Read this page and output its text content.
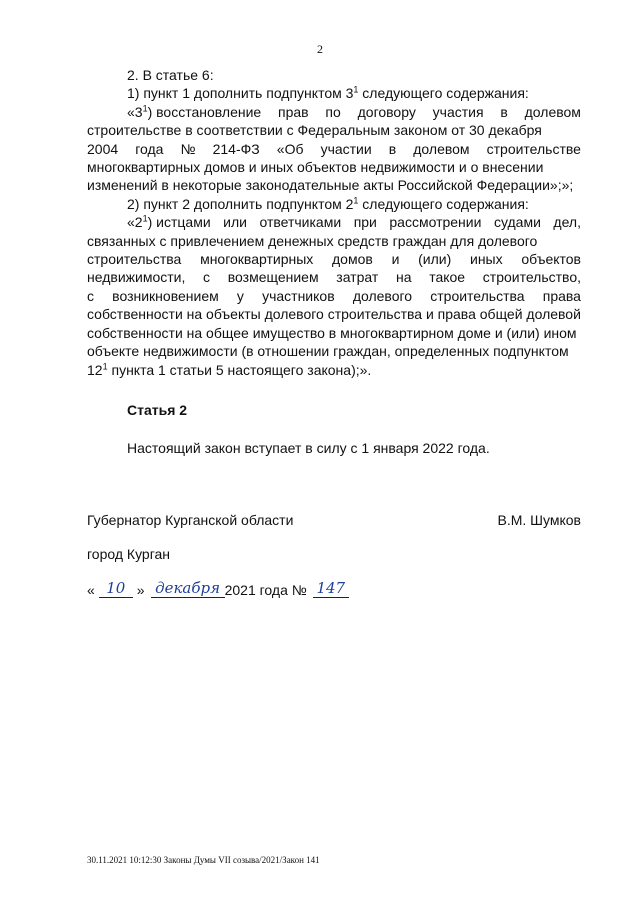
2

2. В статье 6:

1) пункт 1 дополнить подпунктом $3^1$ следующего содержания:

«$3^1$) восстановление прав по договору участия в долевом
строительстве в соответствии с Федеральным законом от 30 декабря
2004 года № 214-ФЗ «Об участии в долевом строительстве
многоквартирных домов и иных объектов недвижимости и о внесении
изменений в некоторые законодательные акты Российской Федерации»;»;

2) пункт 2 дополнить подпунктом $2^1$ следующего содержания:

«$2^1$) истцами или ответчиками при рассмотрении судами дел,
связанных с привлечением денежных средств граждан для долевого
строительства многоквартирных домов и (или) иных объектов
недвижимости, с возмещением затрат на такое строительство,
с возникновением у участников долевого строительства права
собственности на объекты долевого строительства и права общей долевой
собственности на общее имущество в многоквартирном доме и (или) ином
объекте недвижимости (в отношении граждан, определенных подпунктом
$12^1$ пункта 1 статьи 5 настоящего закона);».
Статья 2
Настоящий закон вступает в силу с 1 января 2022 года.
Губернатор Курганской области	В.М. Шумков
город Курган
« 10 » декабря 2021 года № 147
30.11.2021 10:12:30 Законы Думы VII созыва/2021/Закон 141
